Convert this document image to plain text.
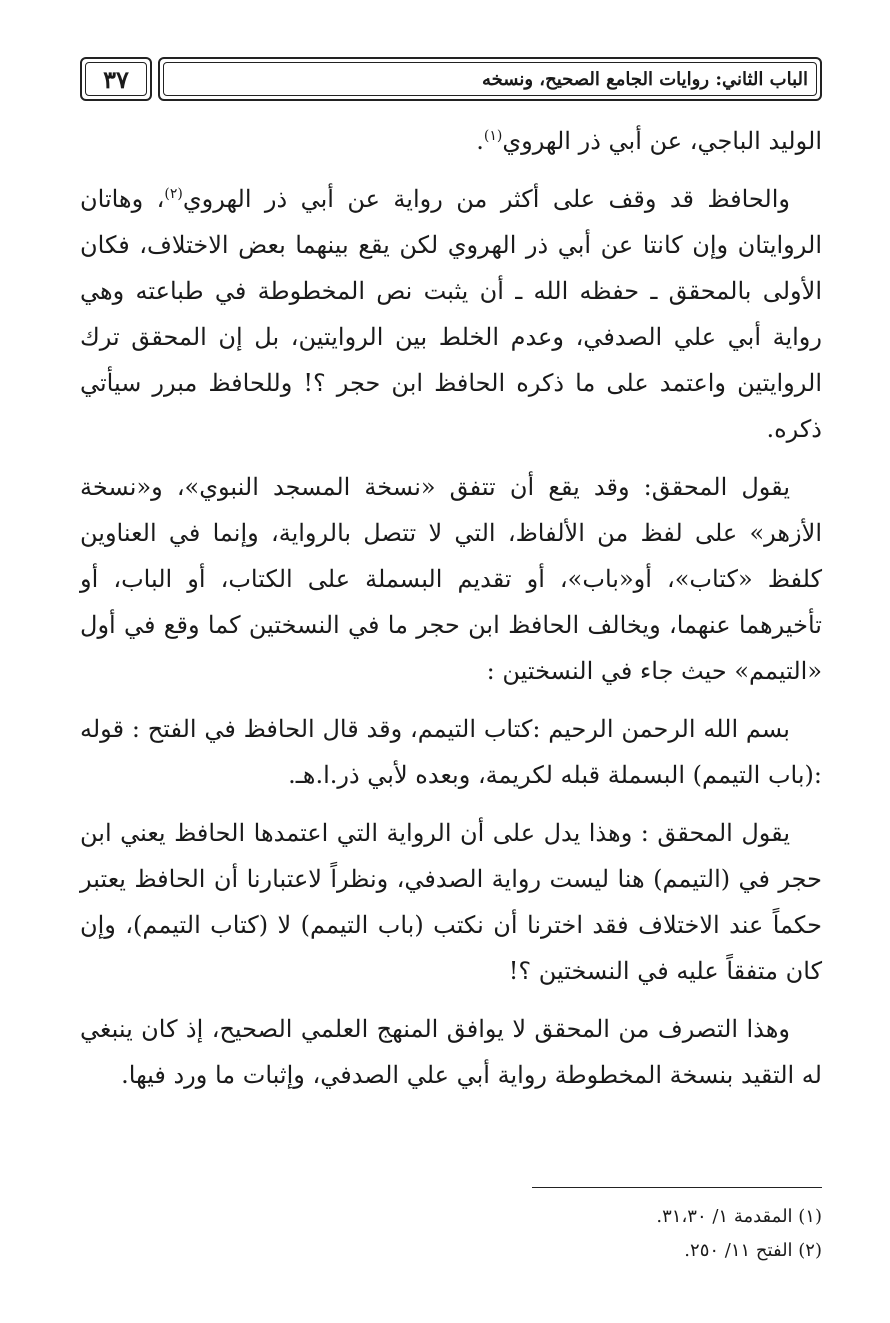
٣٧	الباب الثاني: روايات الجامع الصحيح، ونسخه

الوليد الباجي، عن أبي ذر الهروي$^{(١)}$.

والحافظ قد وقف على أكثر من رواية عن أبي ذر الهروي$^{(٢)}$، وهاتان الروايتان وإن كانتا عن أبي ذر الهروي لكن يقع بينهما بعض الاختلاف، فكان الأولى بالمحقق ـ حفظه الله ـ أن يثبت نص المخطوطة في طباعته وهي رواية أبي علي الصدفي، وعدم الخلط بين الروايتين، بل إن المحقق ترك الروايتين واعتمد على ما ذكره الحافظ ابن حجر ؟! وللحافظ مبرر سيأتي ذكره.

يقول المحقق: وقد يقع أن تتفق «نسخة المسجد النبوي»، و«نسخة الأزهر» على لفظ من الألفاظ، التي لا تتصل بالرواية، وإنما في العناوين كلفظ «كتاب»، أو«باب»، أو تقديم البسملة على الكتاب، أو الباب، أو تأخيرهما عنهما، ويخالف الحافظ ابن حجر ما في النسختين كما وقع في أول «التيمم» حيث جاء في النسختين :

بسم الله الرحمن الرحيم :كتاب التيمم، وقد قال الحافظ في الفتح : قوله :(باب التيمم) البسملة قبله لكريمة، وبعده لأبي ذر.ا.هـ.

يقول المحقق : وهذا يدل على أن الرواية التي اعتمدها الحافظ يعني ابن حجر في (التيمم) هنا ليست رواية الصدفي، ونظراً لاعتبارنا أن الحافظ يعتبر حكماً عند الاختلاف فقد اخترنا أن نكتب (باب التيمم) لا (كتاب التيمم)، وإن كان متفقاً عليه في النسختين ؟!

وهذا التصرف من المحقق لا يوافق المنهج العلمي الصحيح، إذ كان ينبغي له التقيد بنسخة المخطوطة رواية أبي علي الصدفي، وإثبات ما ورد فيها.

(١) المقدمة ١/ ٣١،٣٠.

(٢) الفتح ١١/ ٢٥٠.
